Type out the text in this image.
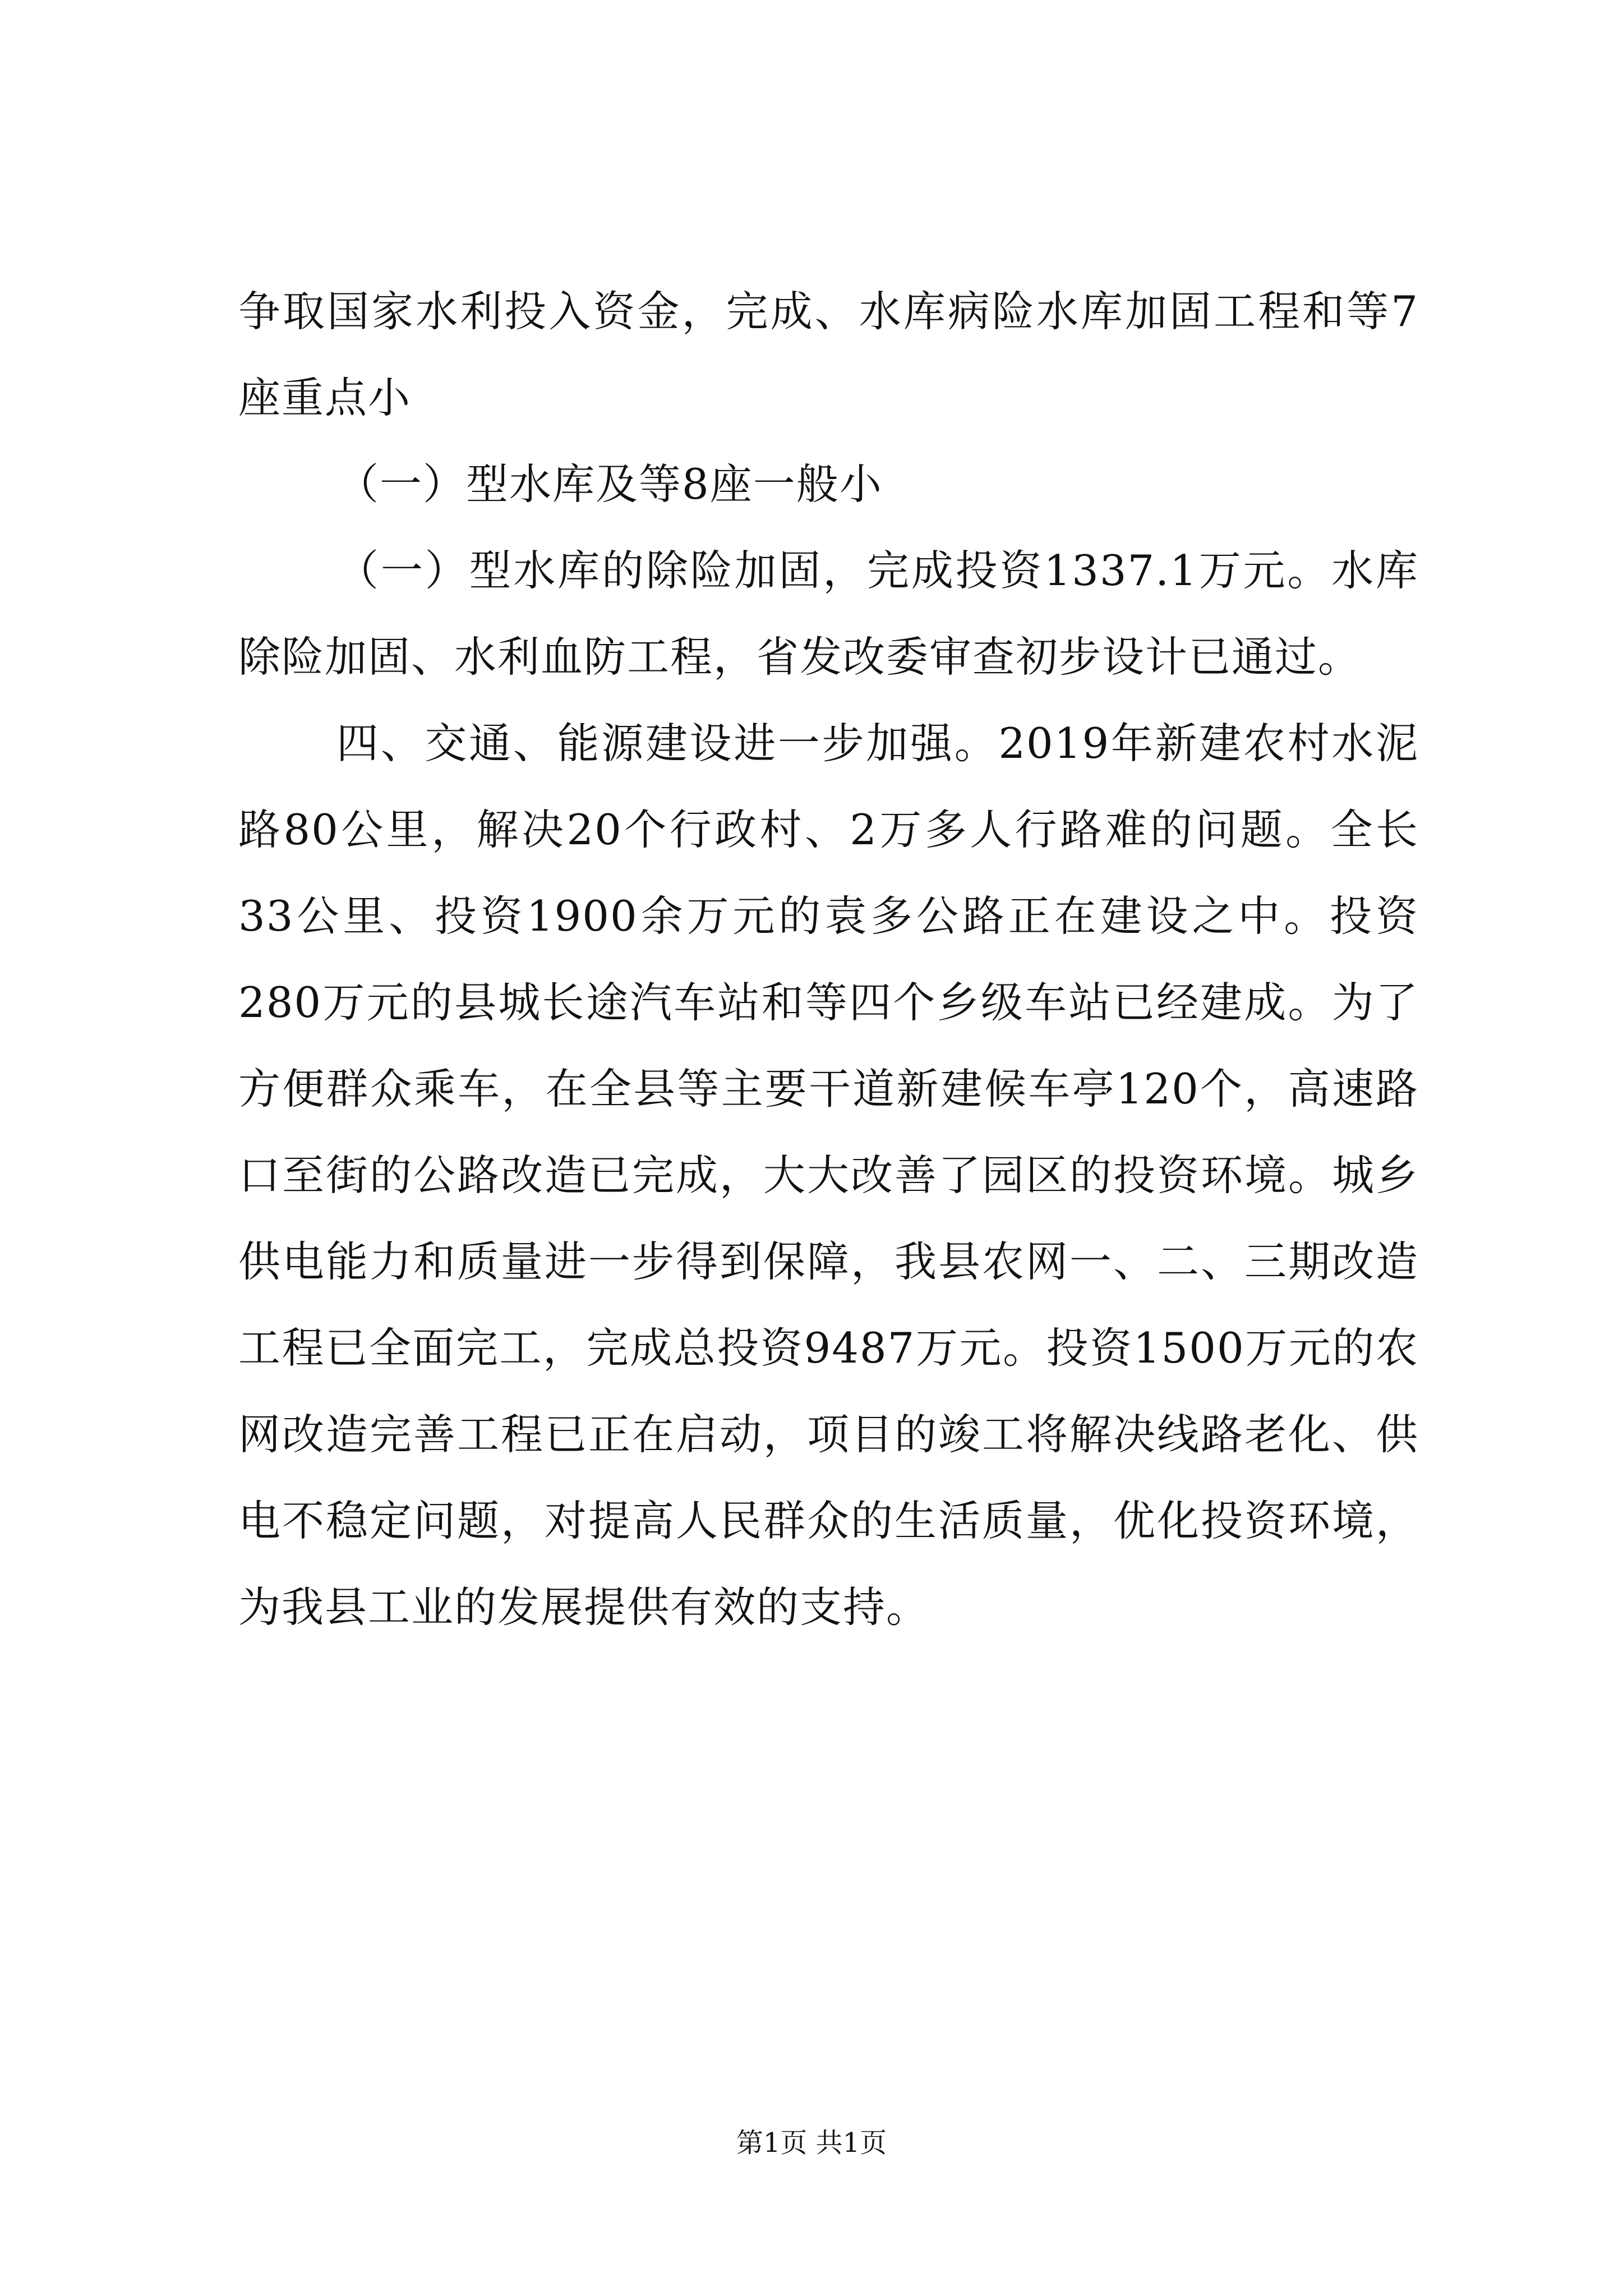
争取国家水利投入资金，完成、水库病险水库加固工程和等7座重点小

（一）型水库及等8座一般小

（一）型水库的除险加固，完成投资1337.1万元。水库除险加固、水利血防工程，省发改委审查初步设计已通过。

四、交通、能源建设进一步加强。2019年新建农村水泥路80公里，解决20个行政村、2万多人行路难的问题。全长33公里、投资1900余万元的袁多公路正在建设之中。投资280万元的县城长途汽车站和等四个乡级车站已经建成。为了方便群众乘车，在全县等主要干道新建候车亭120个，高速路口至街的公路改造已完成，大大改善了园区的投资环境。城乡供电能力和质量进一步得到保障，我县农网一、二、三期改造工程已全面完工，完成总投资9487万元。投资1500万元的农网改造完善工程已正在启动，项目的竣工将解决线路老化、供电不稳定问题，对提高人民群众的生活质量，优化投资环境，为我县工业的发展提供有效的支持。

第1页 共1页
